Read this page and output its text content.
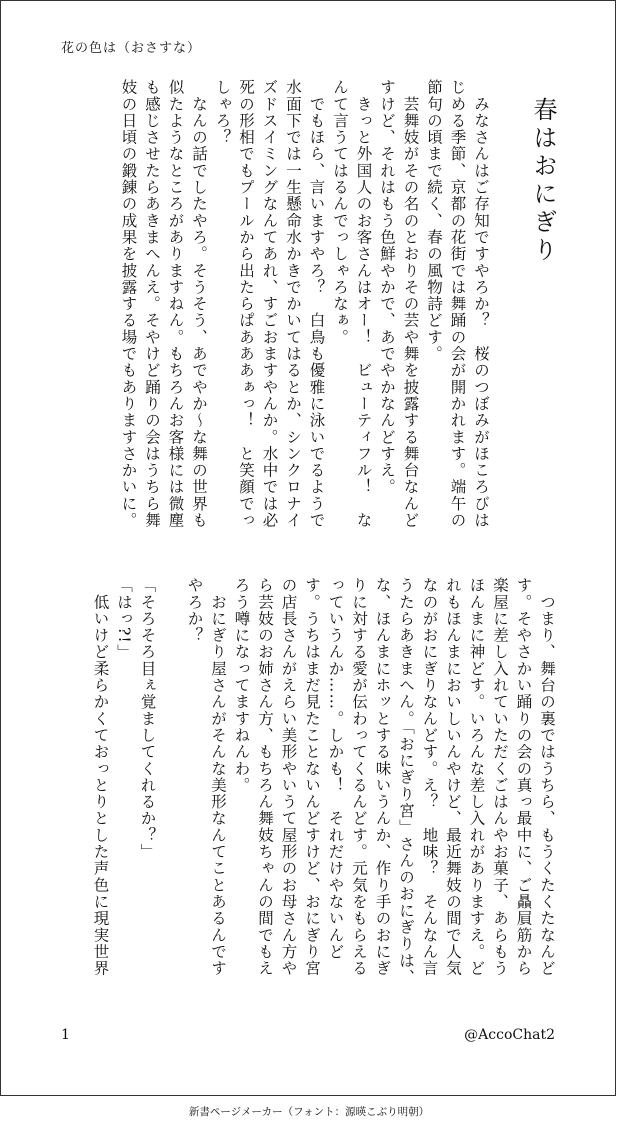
花の色は（おさすな）
春はおにぎり

　みなさんはご存知ですやろか？　桜のつぼみがほころびはじめる季節、京都の花街では舞踊の会が開かれます。端午の節句の頃まで続く、春の風物詩どす。
　芸舞妓がその名のとおりその芸や舞を披露する舞台なんどすけど、それはもう色鮮やかで、あでやかなんどすえ。
　きっと外国人のお客さんはオー！　ビューティフル！　なんて言うてはるんでっしゃろなぁ。
　でもほら、言いますやろ？　白鳥も優雅に泳いでるようで水面下では一生懸命水かきでかいてはるとか、シンクロナイズドスイミングなんてあれ、すごおますやんか。水中では必死の形相でもプールから出たらぱあああぁっ！　と笑顔でっしゃろ？
　なんの話でしたやろ。そうそう、あでやか〜な舞の世界も似たようなところがありますねん。もちろんお客様には微塵も感じさせたらあきまへんえ。そやけど踊りの会はうちら舞妓の日頃の鍛錬の成果を披露する場でもありますさかいに。

　つまり、舞台の裏ではうちら、もうくたくたなんどす。そやさかい踊りの会の真っ最中に、ご贔屓筋から楽屋に差し入れていただくごはんやお菓子、あらもうほんまに神どす。いろんな差し入れがありますえ。どれもほんまにおいしいんやけど、最近舞妓の間で人気なのがおにぎりなんどす。え？　地味？　そんなん言うたらあきまへん。「おにぎり宮」さんのおにぎりは、な、ほんまにホッとする味いうんか、作り手のおにぎりに対する愛が伝わってくるんどす。元気をもらえるっていうんか……。しかも！　それだけやないんどす。うちはまだ見たことないんどすけど、おにぎり宮の店長さんがえらい美形やいうて屋形のお母さん方やら芸妓のお姉さん方、もちろん舞妓ちゃんの間でもえろう噂になってますねんわ。
　おにぎり屋さんがそんな美形なんてことあるんですやろか？

「そろそろ目ぇ覚ましてくれるか？」
「はっ?!」
　低いけど柔らかくておっとりとした声色に現実世界

1	@AccoChat2
新書ページメーカー（フォント：源暎こぶり明朝）
